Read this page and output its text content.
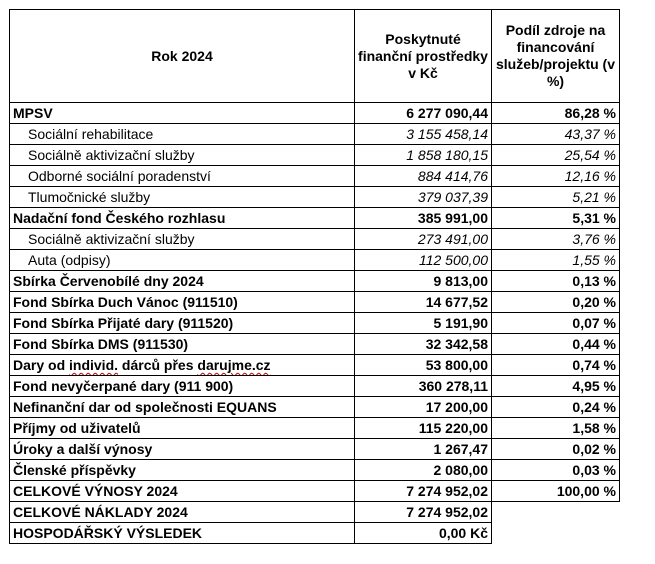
Rok 2024	Poskytnuté finanční prostředky v Kč	Podíl zdroje na financování služeb/projektu (v %)
MPSV	6 277 090,44	86,28 %
Sociální rehabilitace	3 155 458,14	43,37 %
Sociálně aktivizační služby	1 858 180,15	25,54 %
Odborné sociální poradenství	884 414,76	12,16 %
Tlumočnické služby	379 037,39	5,21 %
Nadační fond Českého rozhlasu	385 991,00	5,31 %
Sociálně aktivizační služby	273 491,00	3,76 %
Auta (odpisy)	112 500,00	1,55 %
Sbírka Červenobílé dny 2024	9 813,00	0,13 %
Fond Sbírka Duch Vánoc (911510)	14 677,52	0,20 %
Fond Sbírka Přijaté dary (911520)	5 191,90	0,07 %
Fond Sbírka DMS (911530)	32 342,58	0,44 %
Dary od individ. dárců přes darujme.cz	53 800,00	0,74 %
Fond nevyčerpané dary (911 900)	360 278,11	4,95 %
Nefinanční dar od společnosti EQUANS	17 200,00	0,24 %
Příjmy od uživatelů	115 220,00	1,58 %
Úroky a další výnosy	1 267,47	0,02 %
Členské příspěvky	2 080,00	0,03 %
CELKOVÉ VÝNOSY 2024	7 274 952,02	100,00 %
CELKOVÉ NÁKLADY 2024	7 274 952,02	
HOSPODÁŘSKÝ VÝSLEDEK	0,00 Kč	
